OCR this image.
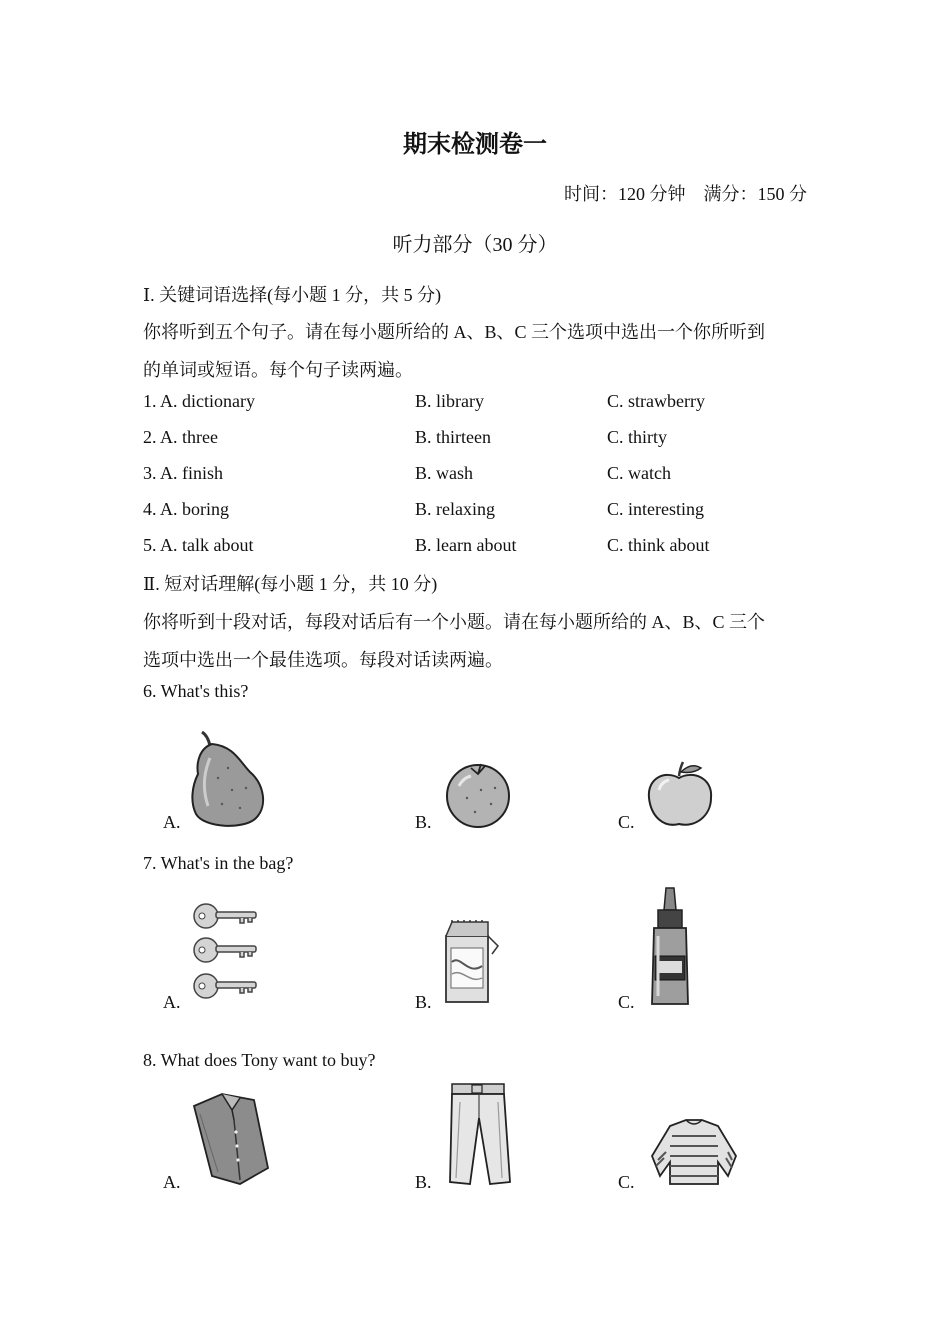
期末检测卷一
时间：120 分钟　满分：150 分
听力部分（30 分）
Ⅰ. 关键词语选择(每小题 1 分，共 5 分)
你将听到五个句子。请在每小题所给的 A、B、C 三个选项中选出一个你所听到
的单词或短语。每个句子读两遍。
1. A. dictionary	B. library	C. strawberry
2. A. three	B. thirteen	C. thirty
3. A. finish	B. wash	C. watch
4. A. boring	B. relaxing	C. interesting
5. A. talk about	B. learn about	C. think about
Ⅱ. 短对话理解(每小题 1 分，共 10 分)
你将听到十段对话，每段对话后有一个小题。请在每小题所给的 A、B、C 三个
选项中选出一个最佳选项。每段对话读两遍。
6. What's this?
A.	B.	C.
7. What's in the bag?
A.	B.	C.
8. What does Tony want to buy?
A.	B.	C.
